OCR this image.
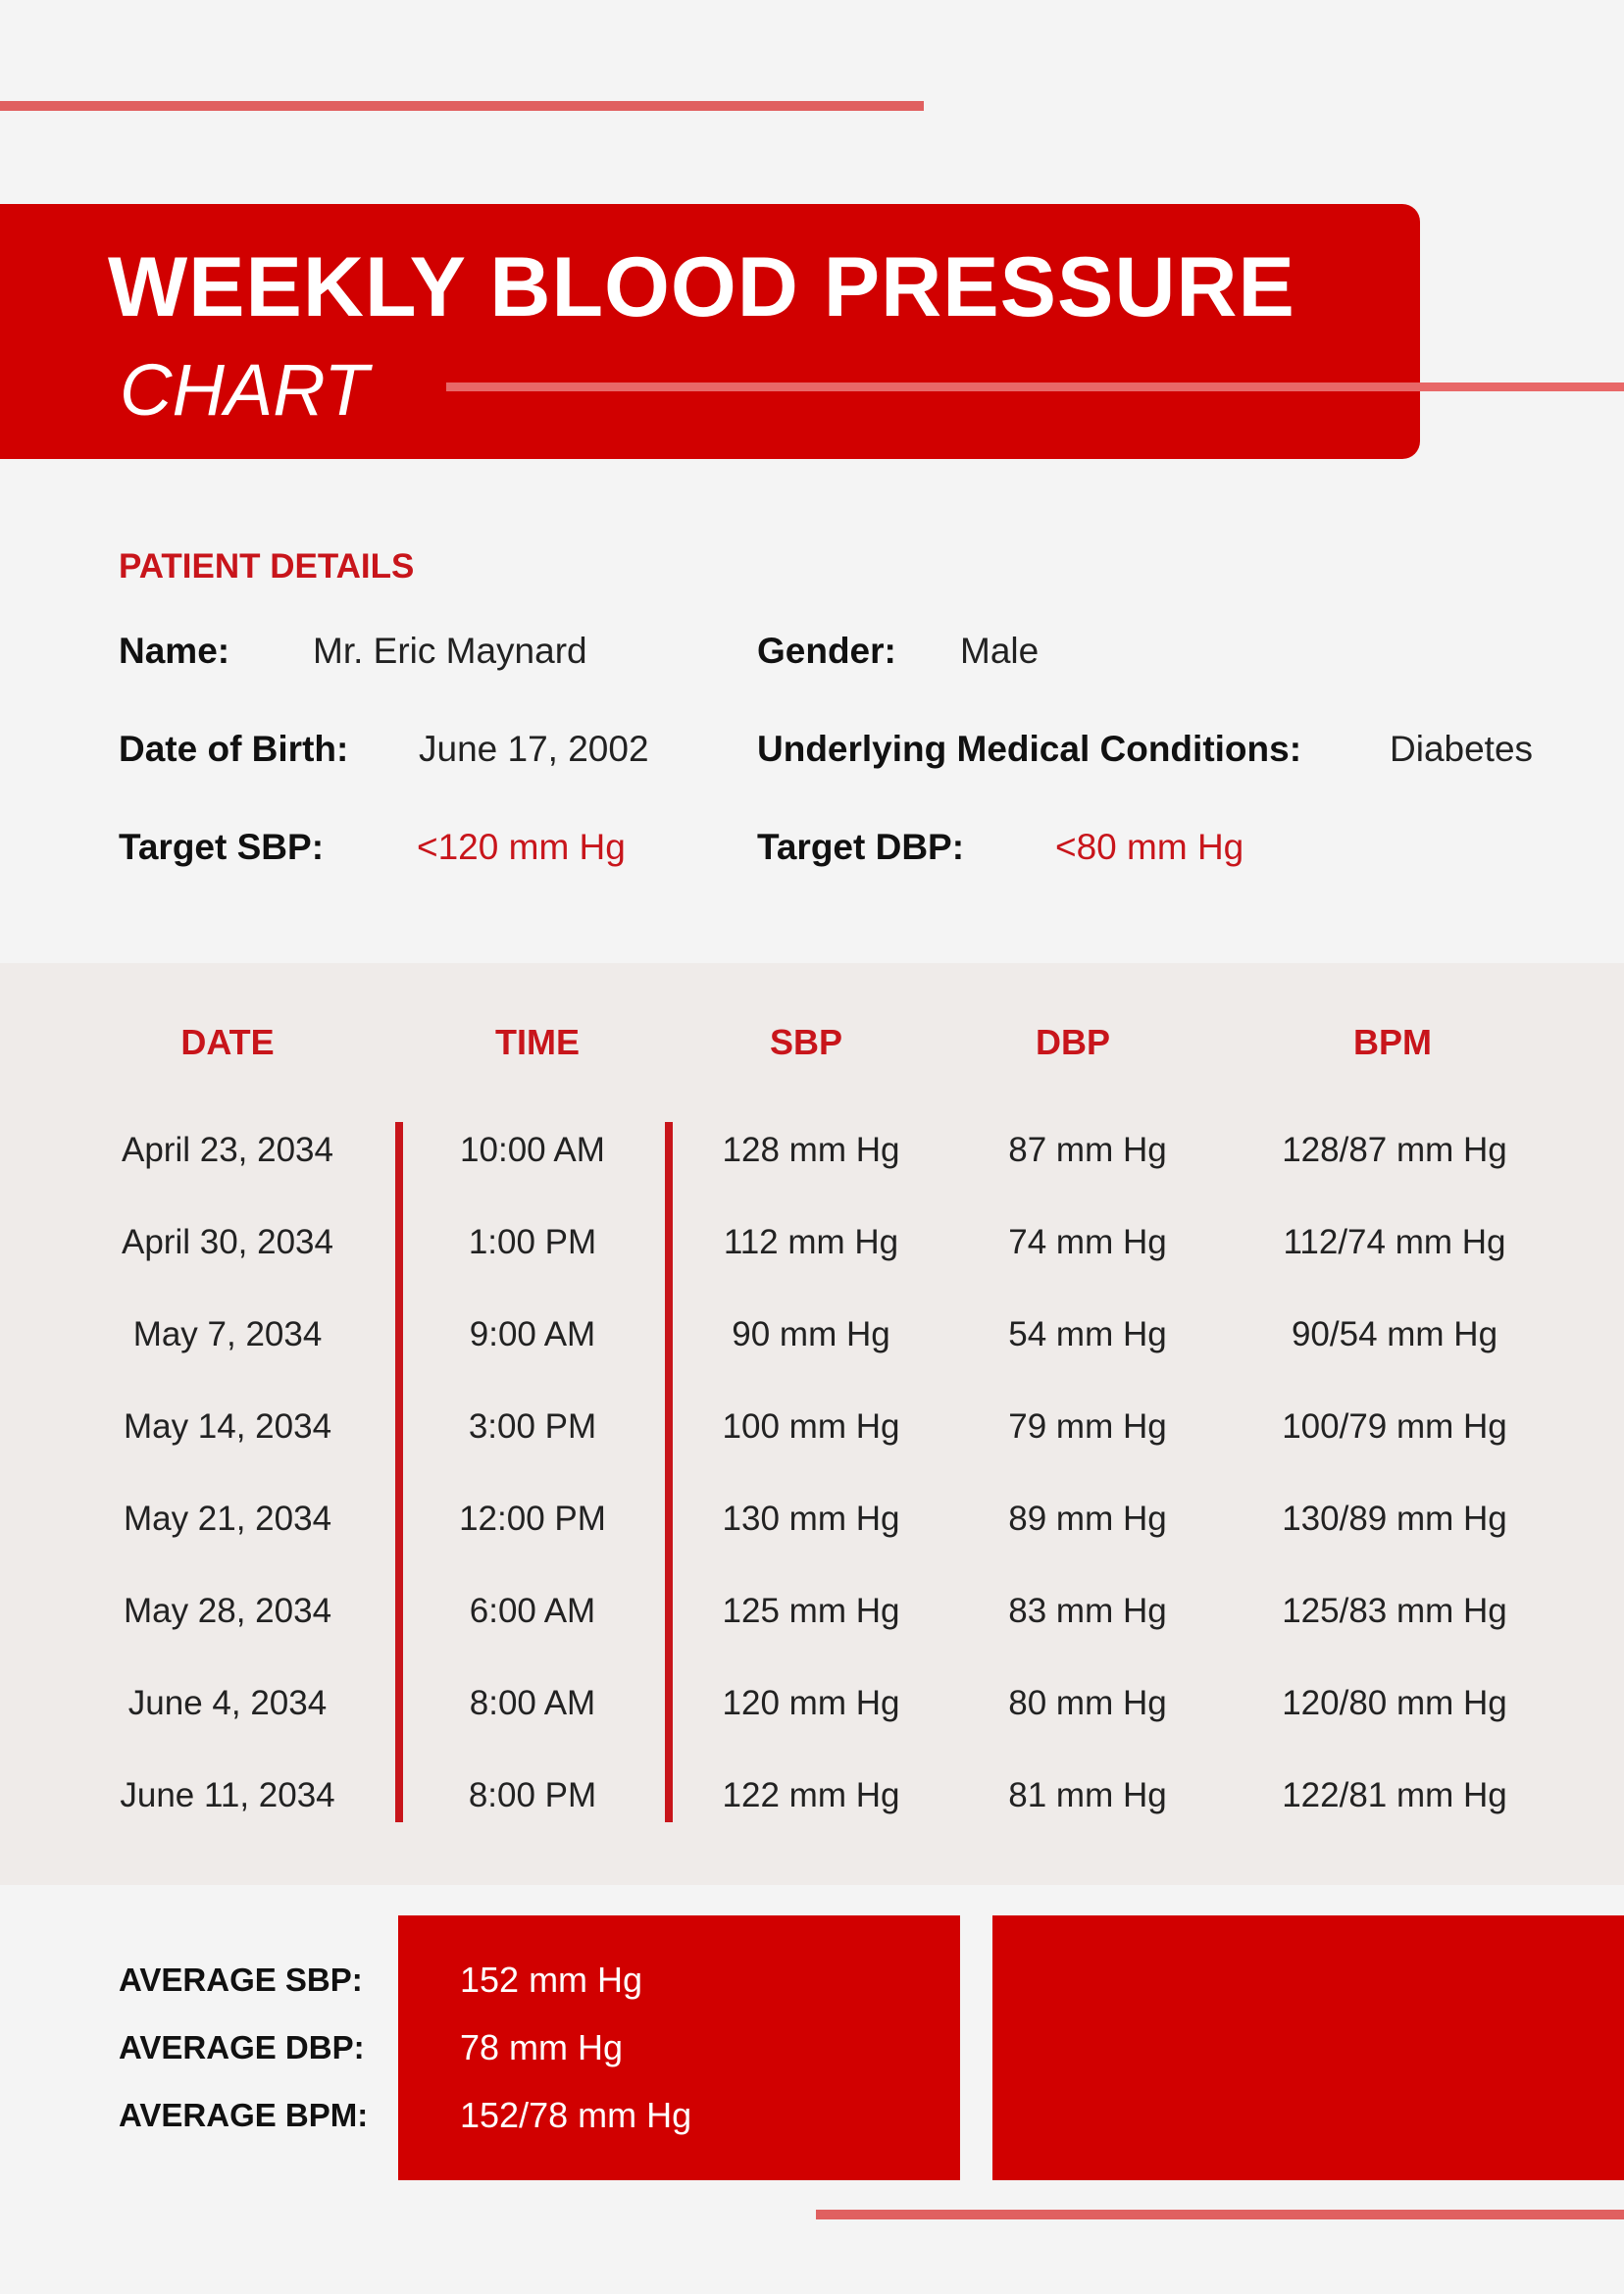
WEEKLY BLOOD PRESSURE
CHART
PATIENT DETAILS
Name: Mr. Eric Maynard	Gender: Male
Date of Birth: June 17, 2002	Underlying Medical Conditions: Diabetes
Target SBP:	<120 mm Hg	Target DBP:	<80 mm Hg
DATE	TIME	SBP	DBP	BPM
April 23, 2034	10:00 AM	128 mm Hg	87 mm Hg	128/87 mm Hg
April 30, 2034	1:00 PM	112 mm Hg	74 mm Hg	112/74 mm Hg
May 7, 2034	9:00 AM	90 mm Hg	54 mm Hg	90/54 mm Hg
May 14, 2034	3:00 PM	100 mm Hg	79 mm Hg	100/79 mm Hg
May 21, 2034	12:00 PM	130 mm Hg	89 mm Hg	130/89 mm Hg
May 28, 2034	6:00 AM	125 mm Hg	83 mm Hg	125/83 mm Hg
June 4, 2034	8:00 AM	120 mm Hg	80 mm Hg	120/80 mm Hg
June 11, 2034	8:00 PM	122 mm Hg	81 mm Hg	122/81 mm Hg
AVERAGE SBP:	152 mm Hg
AVERAGE DBP:	78 mm Hg
AVERAGE BPM:	152/78 mm Hg
